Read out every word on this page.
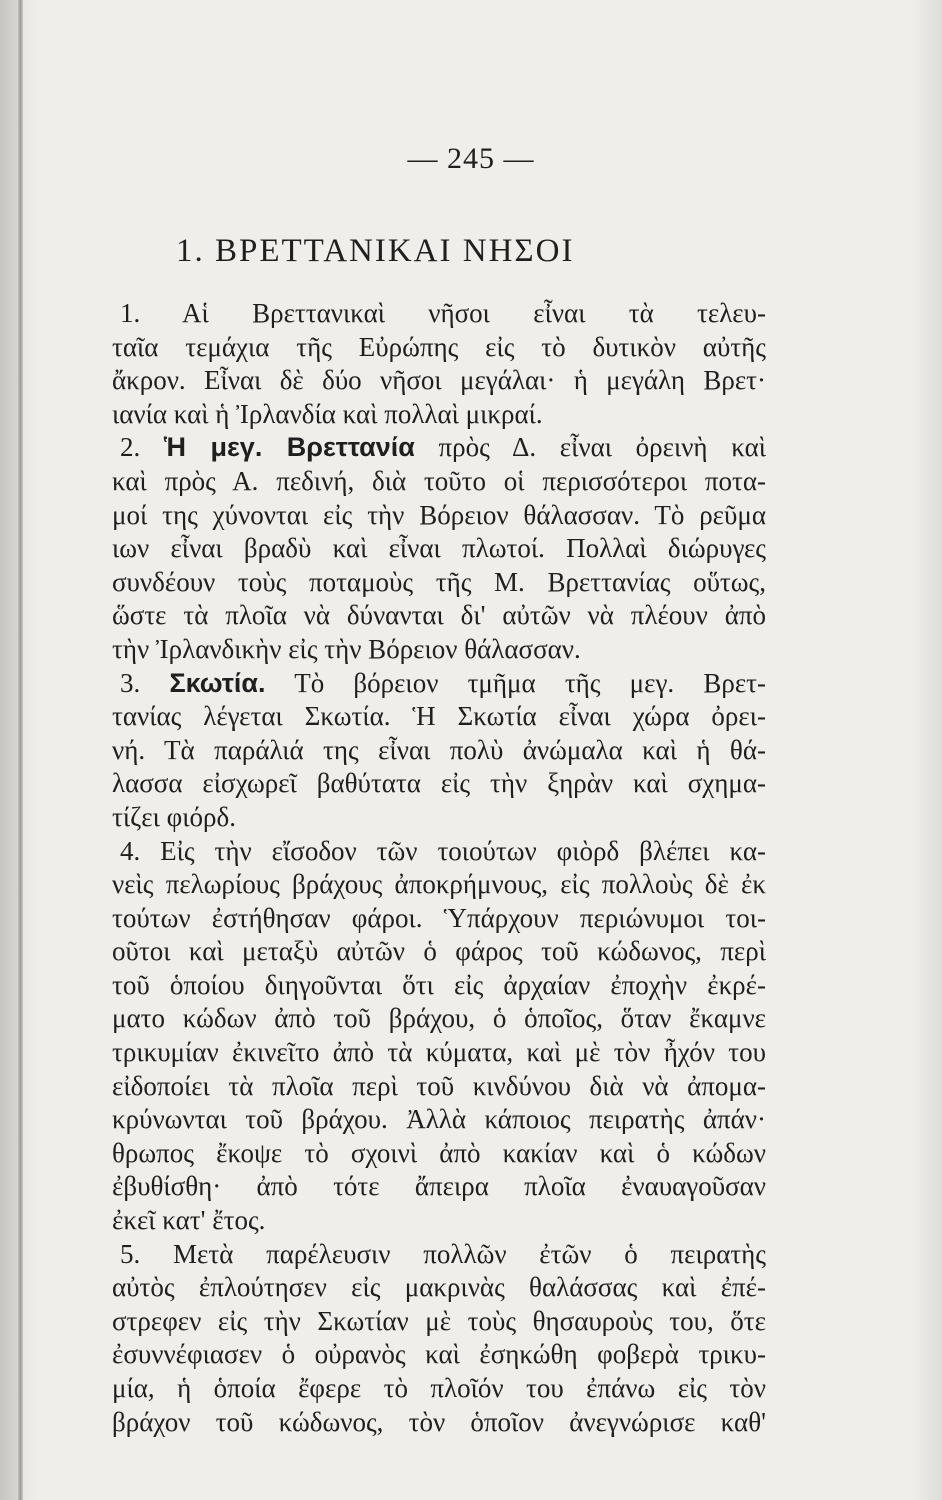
— 245 —
1. ΒΡΕΤΤΑΝΙΚΑΙ ΝΗΣΟΙ
1. Αἱ Βρεττανικαὶ νῆσοι εἶναι τὰ τελευ-
ταῖα τεμάχια τῆς Εὐρώπης εἰς τὸ δυτικὸν αὐτῆς
ἄκρον. Εἶναι δὲ δύο νῆσοι μεγάλαι· ἡ μεγάλη Βρετ·
ιανία καὶ ἡ Ἰρλανδία καὶ πολλαὶ μικραί.
2. Ἡ μεγ. Βρεττανία πρὸς Δ. εἶναι ὀρεινὴ καὶ
καὶ πρὸς Α. πεδινή, διὰ τοῦτο οἱ περισσότεροι ποτα-
μοί της χύνονται εἰς τὴν Βόρειον θάλασσαν. Τὸ ρεῦμα
ιων εἶναι βραδὺ καὶ εἶναι πλωτοί. Πολλαὶ διώρυγες
συνδέουν τοὺς ποταμοὺς τῆς Μ. Βρεττανίας οὕτως,
ὥστε τὰ πλοῖα νὰ δύνανται δι' αὐτῶν νὰ πλέουν ἀπὸ
τὴν Ἰρλανδικὴν εἰς τὴν Βόρειον θάλασσαν.
3. Σκωτία. Τὸ βόρειον τμῆμα τῆς μεγ. Βρετ-
τανίας λέγεται Σκωτία. Ἡ Σκωτία εἶναι χώρα ὀρει-
νή. Τὰ παράλιά της εἶναι πολὺ ἀνώμαλα καὶ ἡ θά-
λασσα εἰσχωρεῖ βαθύτατα εἰς τὴν ξηρὰν καὶ σχημα-
τίζει φιόρδ.
4. Εἰς τὴν εἴσοδον τῶν τοιούτων φιὸρδ βλέπει κα-
νεὶς πελωρίους βράχους ἀποκρήμνους, εἰς πολλοὺς δὲ ἐκ
τούτων ἐστήθησαν φάροι. Ὑπάρχουν περιώνυμοι τοι-
οῦτοι καὶ μεταξὺ αὐτῶν ὁ φάρος τοῦ κώδωνος, περὶ
τοῦ ὁποίου διηγοῦνται ὅτι εἰς ἀρχαίαν ἐποχὴν ἐκρέ-
ματο κώδων ἀπὸ τοῦ βράχου, ὁ ὁποῖος, ὅταν ἔκαμνε
τρικυμίαν ἐκινεῖτο ἀπὸ τὰ κύματα, καὶ μὲ τὸν ἦχόν του
εἰδοποίει τὰ πλοῖα περὶ τοῦ κινδύνου διὰ νὰ ἀπομα-
κρύνωνται τοῦ βράχου. Ἀλλὰ κάποιος πειρατὴς ἀπάν·
θρωπος ἔκοψε τὸ σχοινὶ ἀπὸ κακίαν καὶ ὁ κώδων
ἐβυθίσθη· ἀπὸ τότε ἄπειρα πλοῖα ἐναυαγοῦσαν
ἐκεῖ κατ' ἔτος.
5. Μετὰ παρέλευσιν πολλῶν ἐτῶν ὁ πειρατὴς
αὐτὸς ἐπλούτησεν εἰς μακρινὰς θαλάσσας καὶ ἐπέ-
στρεφεν εἰς τὴν Σκωτίαν μὲ τοὺς θησαυροὺς του, ὅτε
ἐσυννέφιασεν ὁ οὐρανὸς καὶ ἐσηκώθη φοβερὰ τρικυ-
μία, ἡ ὁποία ἔφερε τὸ πλοῖόν του ἐπάνω εἰς τὸν
βράχον τοῦ κώδωνος, τὸν ὁποῖον ἀνεγνώρισε καθ'
